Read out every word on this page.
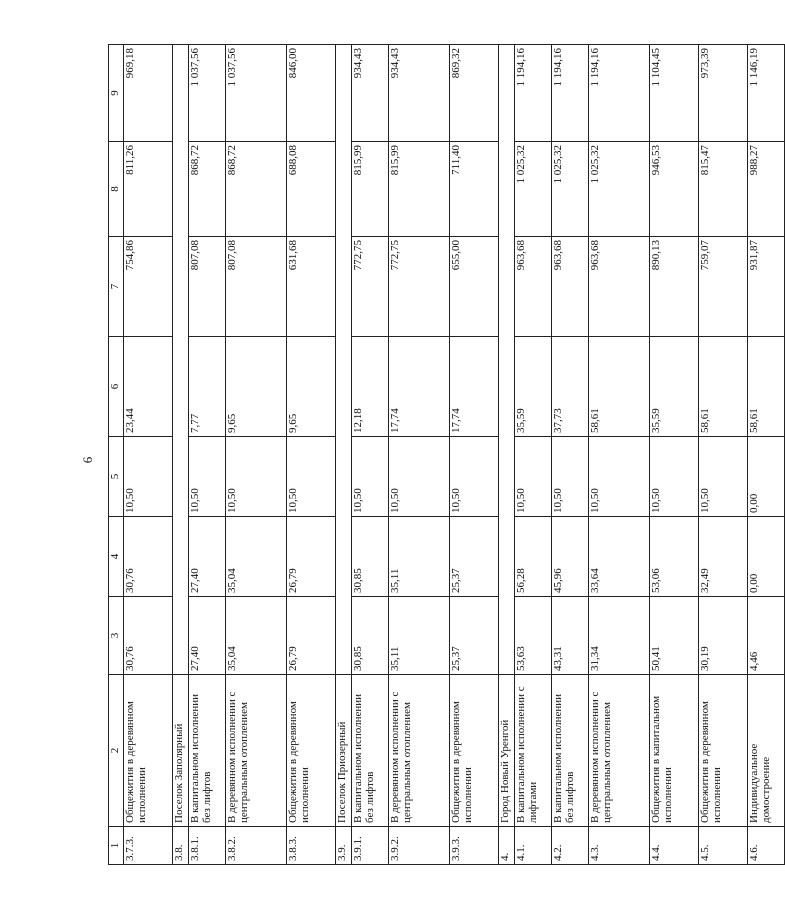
6
1	2	3	4	5	6	7	8	9
3.7.3.	Общежития в деревянном исполнении	30,76	30,76	10,50	23,44	754,86	811,26	969,18
3.8.	Поселок Заполярный							
3.8.1.	В капитальном исполнении без лифтов	27,40	27,40	10,50	7,77	807,08	868,72	1 037,56
3.8.2.	В деревянном исполнении с центральным отоплением	35,04	35,04	10,50	9,65	807,08	868,72	1 037,56
3.8.3.	Общежития в деревянном исполнении	26,79	26,79	10,50	9,65	631,68	688,08	846,00
3.9.	Поселок Приозерный							
3.9.1.	В капитальном исполнении без лифтов	30,85	30,85	10,50	12,18	772,75	815,99	934,43
3.9.2.	В деревянном исполнении с центральным отоплением	35,11	35,11	10,50	17,74	772,75	815,99	934,43
3.9.3.	Общежития в деревянном исполнении	25,37	25,37	10,50	17,74	655,00	711,40	869,32
4.	Город Новый Уренгой							
4.1.	В капитальном исполнении с лифтами	53,63	56,28	10,50	35,59	963,68	1 025,32	1 194,16
4.2.	В капитальном исполнении без лифтов	43,31	45,96	10,50	37,73	963,68	1 025,32	1 194,16
4.3.	В деревянном исполнении с центральным отоплением	31,34	33,64	10,50	58,61	963,68	1 025,32	1 194,16
4.4.	Общежития в капитальном исполнении	50,41	53,06	10,50	35,59	890,13	946,53	1 104,45
4.5.	Общежития в деревянном исполнении	30,19	32,49	10,50	58,61	759,07	815,47	973,39
4.6.	Индивидуальное домостроение	4,46	0,00	0,00	58,61	931,87	988,27	1 146,19
